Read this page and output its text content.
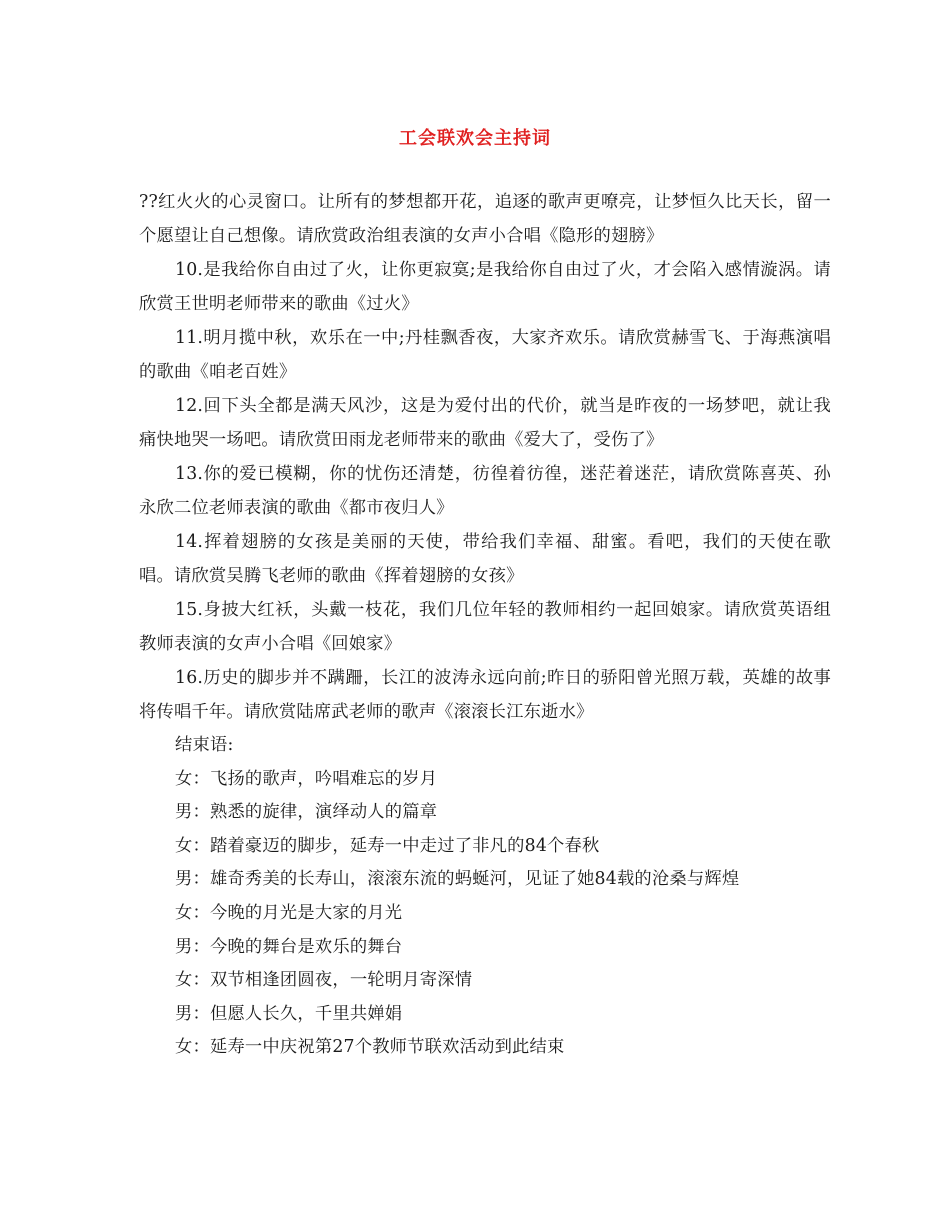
工会联欢会主持词

??红火火的心灵窗口。让所有的梦想都开花，追逐的歌声更嘹亮，让梦恒久比天长，留一个愿望让自己想像。请欣赏政治组表演的女声小合唱《隐形的翅膀》

10.是我给你自由过了火，让你更寂寞;是我给你自由过了火，才会陷入感情漩涡。请欣赏王世明老师带来的歌曲《过火》

11.明月揽中秋，欢乐在一中;丹桂飘香夜，大家齐欢乐。请欣赏赫雪飞、于海燕演唱的歌曲《咱老百姓》

12.回下头全都是满天风沙，这是为爱付出的代价，就当是昨夜的一场梦吧，就让我痛快地哭一场吧。请欣赏田雨龙老师带来的歌曲《爱大了，受伤了》

13.你的爱已模糊，你的忧伤还清楚，彷徨着彷徨，迷茫着迷茫，请欣赏陈喜英、孙永欣二位老师表演的歌曲《都市夜归人》

14.挥着翅膀的女孩是美丽的天使，带给我们幸福、甜蜜。看吧，我们的天使在歌唱。请欣赏吴腾飞老师的歌曲《挥着翅膀的女孩》

15.身披大红袄，头戴一枝花，我们几位年轻的教师相约一起回娘家。请欣赏英语组教师表演的女声小合唱《回娘家》

16.历史的脚步并不蹒跚，长江的波涛永远向前;昨日的骄阳曾光照万载，英雄的故事将传唱千年。请欣赏陆席武老师的歌声《滚滚长江东逝水》

结束语:

女：飞扬的歌声，吟唱难忘的岁月

男：熟悉的旋律，演绎动人的篇章

女：踏着豪迈的脚步，延寿一中走过了非凡的84个春秋

男：雄奇秀美的长寿山，滚滚东流的蚂蜒河，见证了她84载的沧桑与辉煌

女：今晚的月光是大家的月光

男：今晚的舞台是欢乐的舞台

女：双节相逢团圆夜，一轮明月寄深情

男：但愿人长久，千里共婵娟

女：延寿一中庆祝第27个教师节联欢活动到此结束
